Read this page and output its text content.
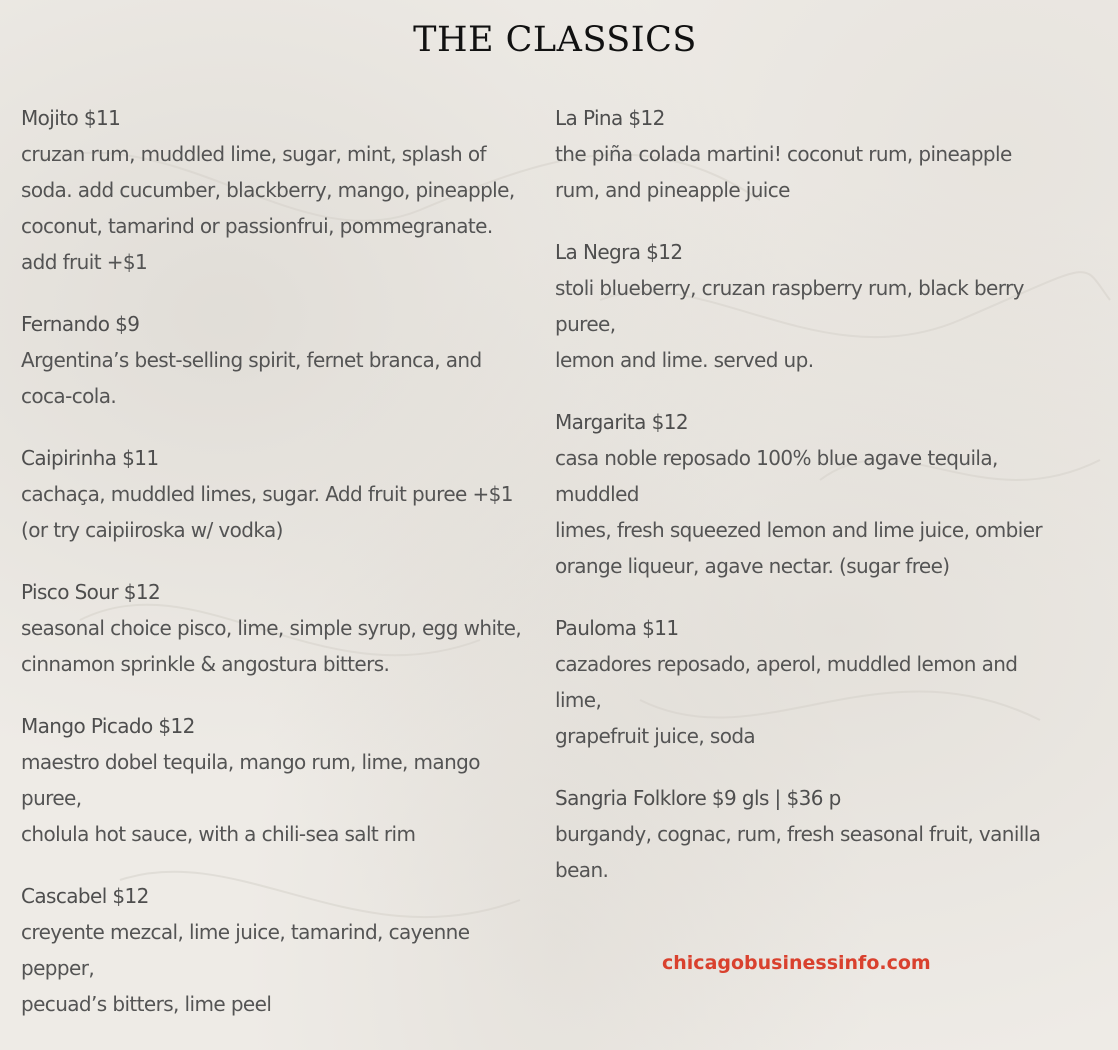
THE CLASSICS
Mojito $11
cruzan rum, muddled lime, sugar, mint, splash of
soda. add cucumber, blackberry, mango, pineapple,
coconut, tamarind or passionfrui, pommegranate.
add fruit +$1
Fernando $9
Argentina’s best-selling spirit, fernet branca, and
coca-cola.
Caipirinha $11
cachaça, muddled limes, sugar. Add fruit puree +$1
(or try caipiiroska w/ vodka)
Pisco Sour $12
seasonal choice pisco, lime, simple syrup, egg white,
cinnamon sprinkle & angostura bitters.
Mango Picado $12
maestro dobel tequila, mango rum, lime, mango
puree,
cholula hot sauce, with a chili-sea salt rim
Cascabel $12
creyente mezcal, lime juice, tamarind, cayenne
pepper,
pecuad’s bitters, lime peel
La Pina $12
the piña colada martini! coconut rum, pineapple
rum, and pineapple juice
La Negra $12
stoli blueberry, cruzan raspberry rum, black berry
puree,
lemon and lime. served up.
Margarita $12
casa noble reposado 100% blue agave tequila,
muddled
limes, fresh squeezed lemon and lime juice, ombier
orange liqueur, agave nectar. (sugar free)
Pauloma $11
cazadores reposado, aperol, muddled lemon and
lime,
grapefruit juice, soda
Sangria Folklore $9 gls | $36 p
burgandy, cognac, rum, fresh seasonal fruit, vanilla
bean.
chicagobusinessinfo.com
